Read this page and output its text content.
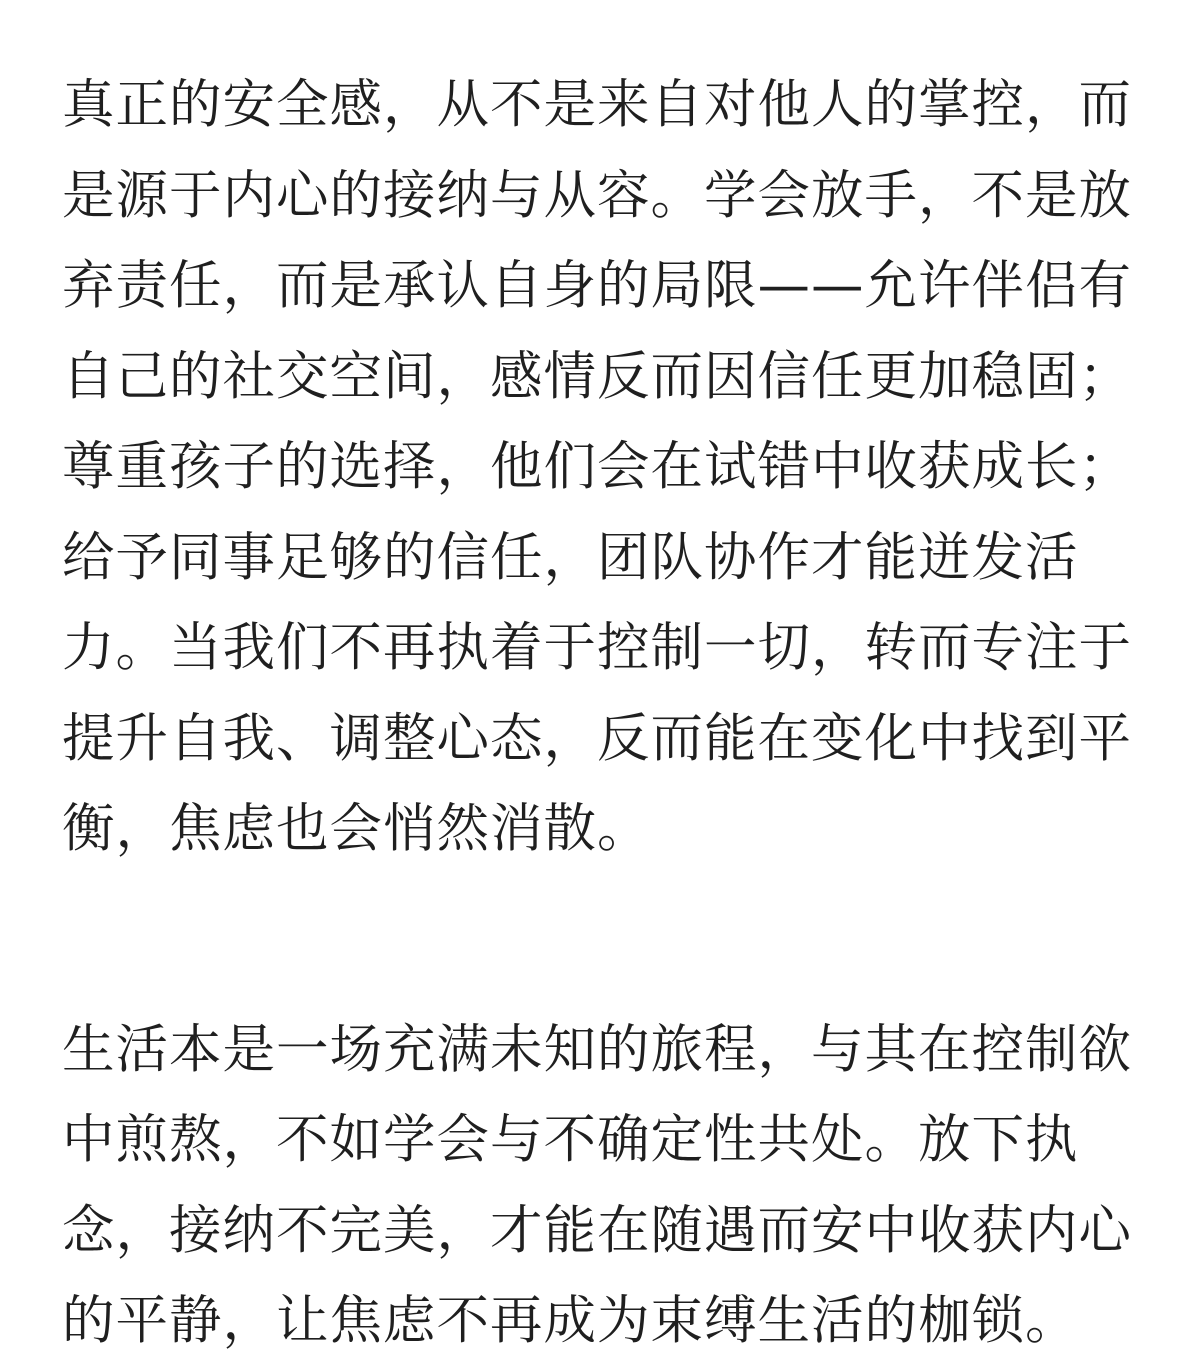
真正的安全感，从不是来自对他人的掌控，而
是源于内心的接纳与从容。学会放手，不是放
弃责任，而是承认自身的局限——允许伴侣有
自己的社交空间，感情反而因信任更加稳固；
尊重孩子的选择，他们会在试错中收获成长；
给予同事足够的信任，团队协作才能迸发活
力。当我们不再执着于控制一切，转而专注于
提升自我、调整心态，反而能在变化中找到平
衡，焦虑也会悄然消散。

生活本是一场充满未知的旅程，与其在控制欲
中煎熬，不如学会与不确定性共处。放下执
念，接纳不完美，才能在随遇而安中收获内心
的平静，让焦虑不再成为束缚生活的枷锁。
